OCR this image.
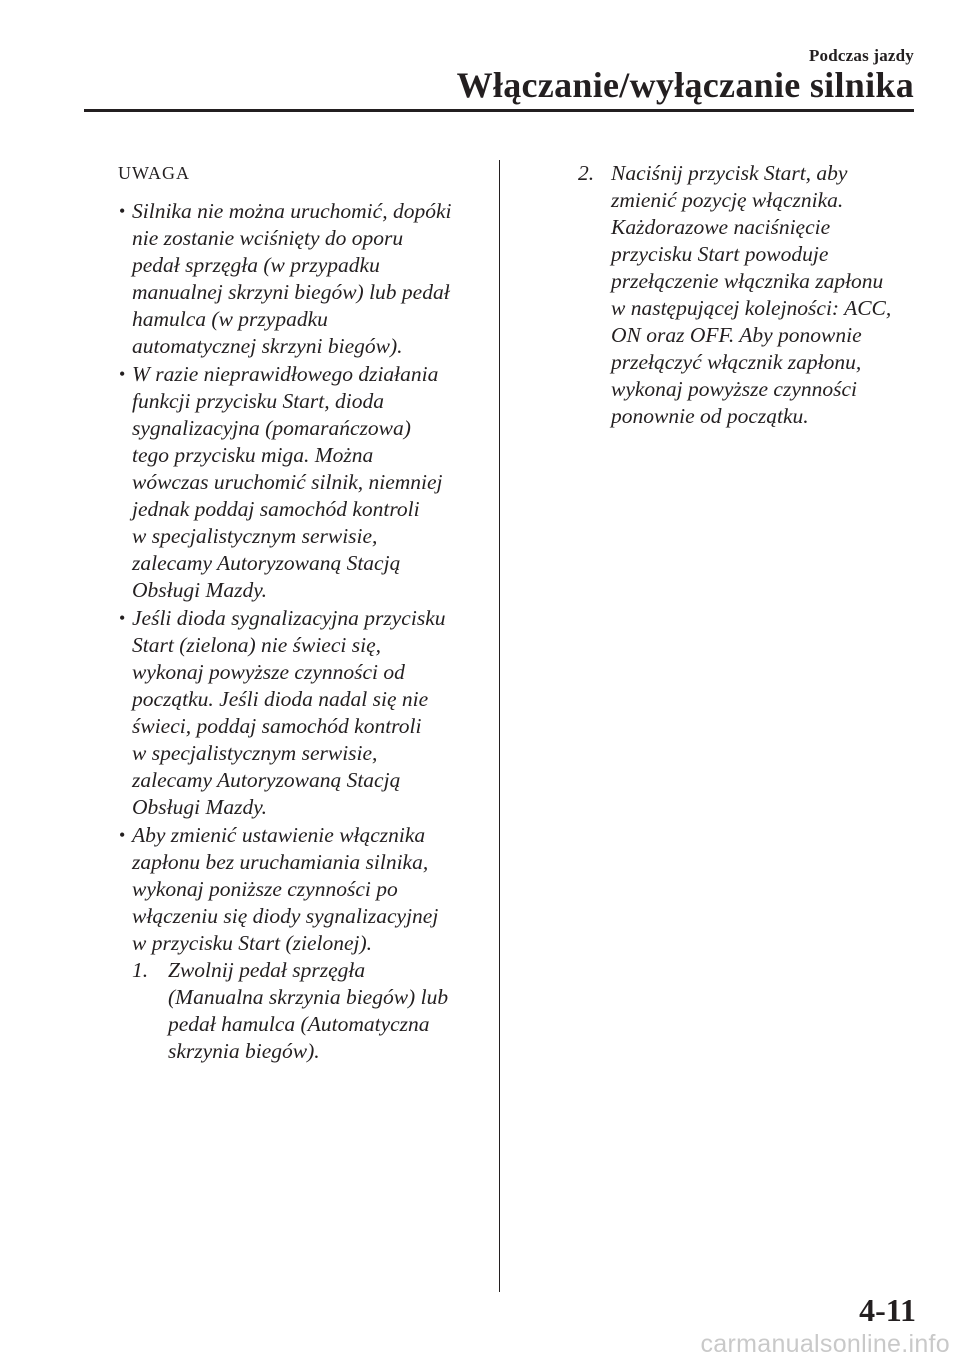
Podczas jazdy
Włączanie/wyłączanie silnika
UWAGA
• Silnika nie można uruchomić, dopóki
nie zostanie wciśnięty do oporu
pedał sprzęgła (w przypadku
manualnej skrzyni biegów) lub pedał
hamulca (w przypadku
automatycznej skrzyni biegów).
• W razie nieprawidłowego działania
funkcji przycisku Start, dioda
sygnalizacyjna (pomarańczowa)
tego przycisku miga. Można
wówczas uruchomić silnik, niemniej
jednak poddaj samochód kontroli
w specjalistycznym serwisie,
zalecamy Autoryzowaną Stacją
Obsługi Mazdy.
• Jeśli dioda sygnalizacyjna przycisku
Start (zielona) nie świeci się,
wykonaj powyższe czynności od
początku. Jeśli dioda nadal się nie
świeci, poddaj samochód kontroli
w specjalistycznym serwisie,
zalecamy Autoryzowaną Stacją
Obsługi Mazdy.
• Aby zmienić ustawienie włącznika
zapłonu bez uruchamiania silnika,
wykonaj poniższe czynności po
włączeniu się diody sygnalizacyjnej
w przycisku Start (zielonej).
1. Zwolnij pedał sprzęgła
(Manualna skrzynia biegów) lub
pedał hamulca (Automatyczna
skrzynia biegów).
2. Naciśnij przycisk Start, aby
zmienić pozycję włącznika.
Każdorazowe naciśnięcie
przycisku Start powoduje
przełączenie włącznika zapłonu
w następującej kolejności: ACC,
ON oraz OFF. Aby ponownie
przełączyć włącznik zapłonu,
wykonaj powyższe czynności
ponownie od początku.
4-11
carmanualsonline.info
